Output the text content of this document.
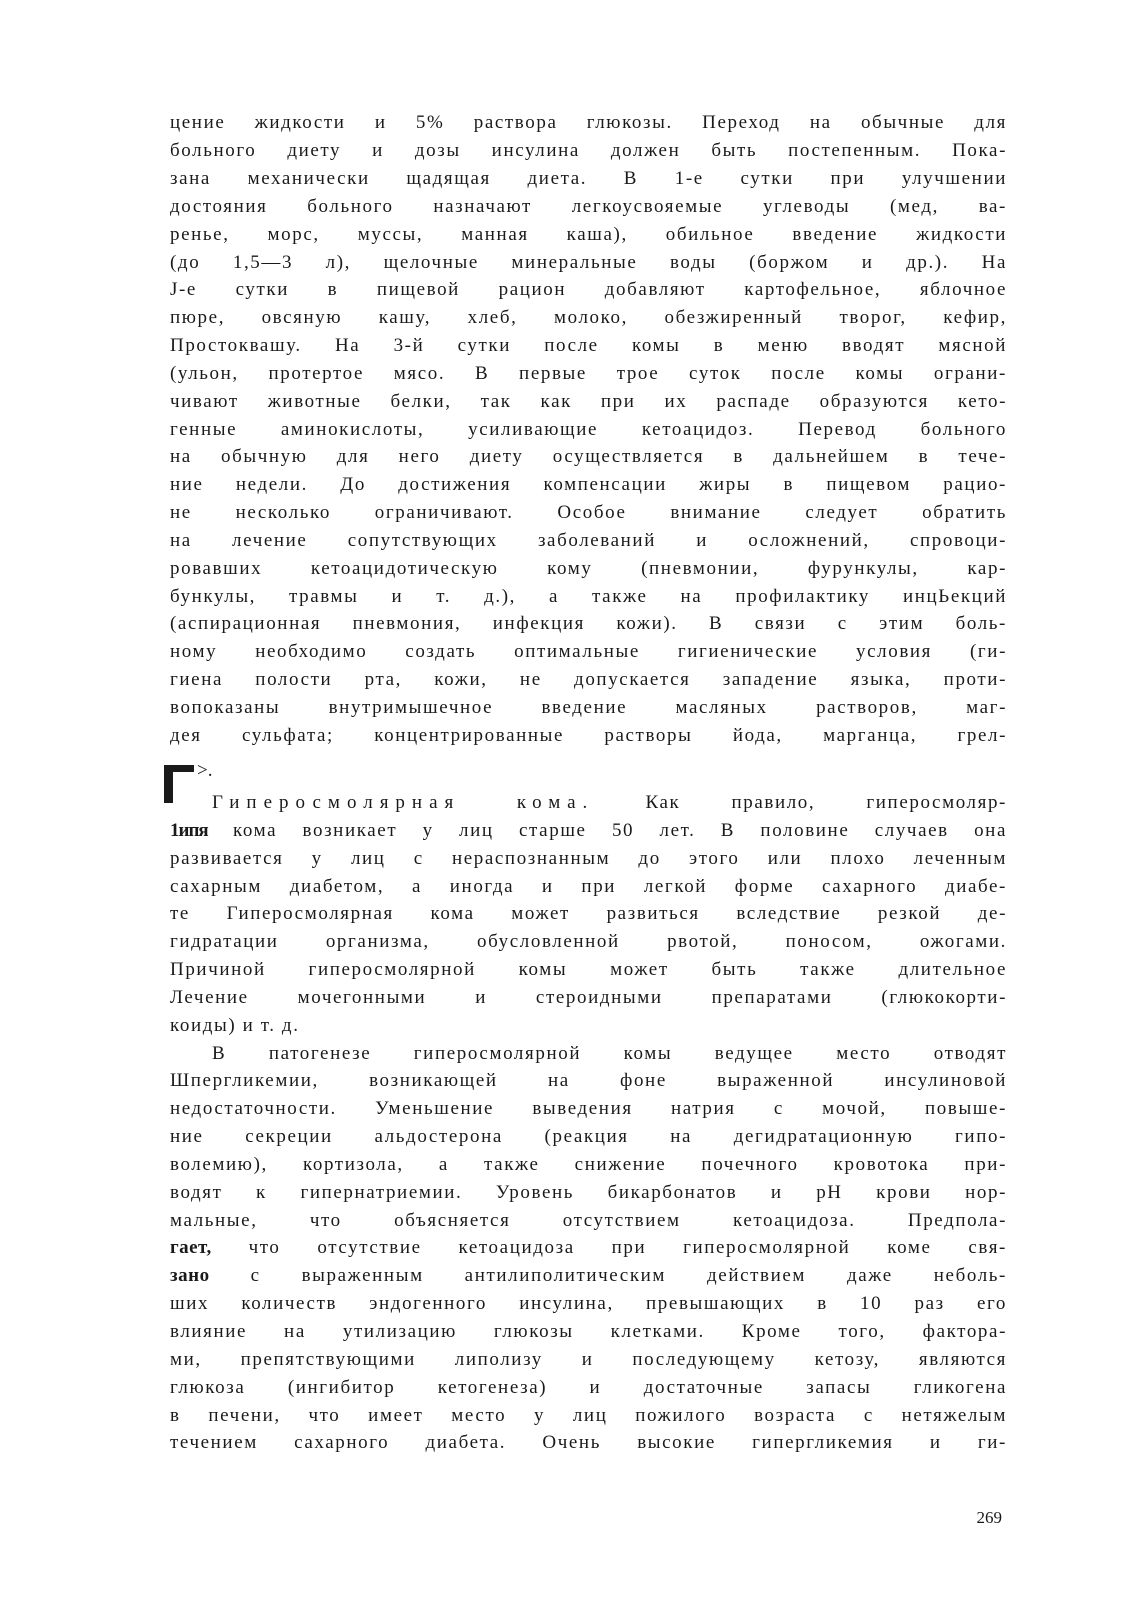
цение жидкости и 5% раствора глюкозы. Переход на обычные для
больного диету и дозы инсулина должен быть постепенным. Пока-
зана механически щадящая диета. В 1-е сутки при улучшении
достояния больного назначают легкоусвояемые углеводы (мед, ва-
ренье, морс, муссы, манная каша), обильное введение жидкости
(до 1,5—3 л), щелочные минеральные воды (боржом и др.). На
J-е сутки в пищевой рацион добавляют картофельное, яблочное
пюре, овсяную кашу, хлеб, молоко, обезжиренный творог, кефир,
Простоквашу. На 3-й сутки после комы в меню вводят мясной
(ульон, протертое мясо. В первые трое суток после комы ограни-
чивают животные белки, так как при их распаде образуются кето-
генные аминокислоты, усиливающие кетоацидоз. Перевод больного
на обычную для него диету осуществляется в дальнейшем в тече-
ние недели. До достижения компенсации жиры в пищевом рацио-
не несколько ограничивают. Особое внимание следует обратить
на лечение сопутствующих заболеваний и осложнений, спровоци-
ровавших кетоацидотическую кому (пневмонии, фурункулы, кар-
бункулы, травмы и т. д.), а также на профилактику инцЬекций
(аспирационная пневмония, инфекция кожи). В связи с этим боль-
ному необходимо создать оптимальные гигиенические условия (ги-
гиена полости рта, кожи, не допускается западение языка, проти-
вопоказаны внутримышечное введение масляных растворов, маг-
дея сульфата; концентрированные растворы йода, марганца, грел-
>.
Гиперосмолярная кома.	Как правило, гиперосмоляр-
1ипя кома возникает у лиц старше 50 лет. В половине случаев она
развивается у лиц с нераспознанным до этого или плохо леченным
сахарным диабетом, а иногда и при легкой форме сахарного диабе-
те Гиперосмолярная кома может развиться вследствие резкой де-
гидратации организма, обусловленной рвотой, поносом, ожогами.
Причиной гиперосмолярной комы может быть также длительное
Лечение мочегонными и стероидными препаратами (глюкокорти-
коиды) и т. д.
В патогенезе гиперосмолярной комы ведущее место отводят
Шпергликемии, возникающей на фоне выраженной инсулиновой
недостаточности. Уменьшение выведения натрия с мочой, повыше-
ние секреции альдостерона (реакция на дегидратационную гипо-
волемию), кортизола, а также снижение почечного кровотока при-
водят к гипернатриемии. Уровень бикарбонатов и рН крови нор-
мальные, что объясняется отсутствием кетоацидоза. Предпола-
гает, что отсутствие кетоацидоза при гиперосмолярной коме свя-
зано с выраженным антилиполитическим действием даже неболь-
ших количеств эндогенного инсулина, превышающих в 10 раз его
влияние на утилизацию глюкозы клетками. Кроме того, фактора-
ми, препятствующими липолизу и последующему кетозу, являются
глюкоза (ингибитор кетогенеза) и достаточные запасы гликогена
в печени, что имеет место у лиц пожилого возраста с нетяжелым
течением сахарного диабета. Очень высокие гипергликемия и ги-
269
